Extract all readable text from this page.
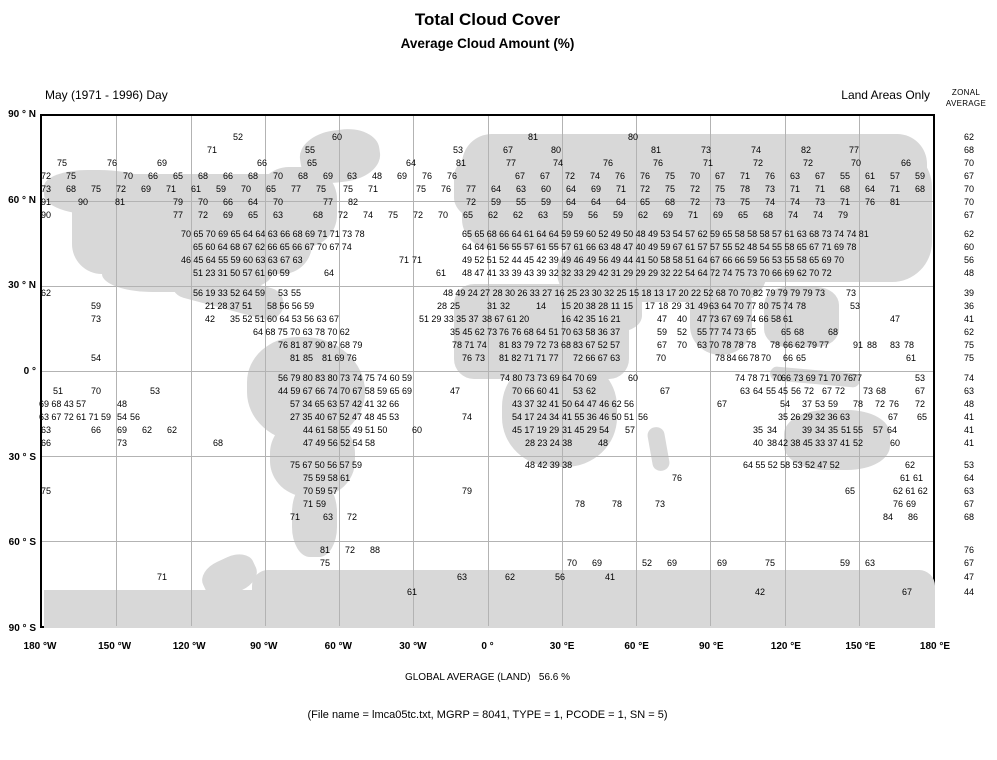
Total Cloud Cover
Average Cloud Amount (%)
May (1971 - 1996) Day	Land Areas Only	ZONAL
AVERAGE
52	60	81	80
71	55	53	67	80	81	73	74	82	77
75	76	69	66	65	64	81	77	74	76	76	71	72	72	70	66
72 75	70 66 65 68 66 68 70 68 69 63 48 69 76 76	67 67 72 74 76 76 75 70 67 71 76 63 67 55 61 57 59
73 68 75 72 69 71 61 59 70 65 77 75 75 71	75 76 77 64 63 60 64 69 71 72 75 72 75 78 73 71 71 68 64 71 68
91	90	81	79 70 66 64 70	77 82	72 59 55 59 64 64 64 65 68 72 73 75 74 74 73 71 76 81
90	77 72 69 65 63	68 72 74 75 72 70 65 62 62 63 59 56 59 62 69 71 69 65 68 74 74 79
70 65 70 69 65 64 64 63 66 68 69 71 71 73 78	65 65 68 66 64 61 64 64 59 59 60 52 49 50 48 49 53 54 57 62 59 65 58 58 58 57 61 63 68 73 74 74 81
65 60 64 68 67 62 66 65 66 67 70 67 74	64 64 61 56 55 57 61 55 57 61 66 63 48 47 40 49 59 67 61 57 57 55 52 48 54 55 58 65 67 71 69 78
46 45 64 55 59 60 63 63 67 63	71 71	49 52 51 52 44 45 42 39 49 46 49 56 49 44 41 50 58 58 51 64 67 66 66 59 56 53 55 58 65 69 70
51 23 31 50 57 61 60 59	64	61 48 47 41 33 39 43 39 32 32 33 29 42 31 29 29 29 32 22 54 64 72 74 75 73 70 66 69 62 70 72
62	56 19 33 52 64 59 53 55	48 49 24 27 28 30 26 33 27 16 25 23 30 32 25 15 18 13 17 20 22 52 68 70 70 82 79 79 79 79 73 73
59	21 28 37 51 58 56 56 59	28 25	31 32	14 15 20 38 28 11 15 17 18 29 31 49 63 64 70 77 80 75 74 78	53
73	42 35 52 51 60 64 53 56 63 67	51 29 33 35 37 38 67 61 20	16 42 35 16 21	47 40 47 73 67 69 74 66 58 61	47
64 68 75 70 63 78 70 62	35 45 62 73 76 76 68 64 51 70 63 58 36 37	59 52 55 77 74 73 65	65 68	68
76 81 87 90 87 68 79	78 71 74 81 83 79 72 73 68 83 67 52 57	67 70 63 70 78 78 78 78 66 62 79 77	91 88 83 78
54	81 85 81 69 76	76 73 81 82 71 71 77 72 66 67 63	70	78 84 66 78 70 66 65	61
56 79 80 83 80 73 74 75 74 60 59	74 80 73 73 69 64 70 69	60	74 78 71 70
66 73 69 71 70 76
77	53
51	70	53	44 59 67 66 74 70 67 58 59 65 69	47	70 66 60 41 53 62	67	63 64 55 45 56 72 67 72 73 68	67
69 68 43 57	48	57 34 65 63 57 42 41 32 66	43 37 32 41 50 64 47 46 62 56	67	54 37 53 59 78 72 76 72
63 67 72 61 71 59 54 56	27 35 40 67 52 47 48 45 53	74	54 17 24 34 41 55 36 46 50 51 56	35 26 29 32 36 63	67 65
63	66 69 62 62	44 61 58 55 49 51 50	60	45 17 19 29 31 45 29 54 57	35 34	39 34 35 51 55 57 64
66	73	68	47 49 56 52 54 58	28 23 24 38	48	40 38 42 38 45 33 37 41 52	60
75 67 50 56 57 59	48 42 39 38	64 55 52 58 53 52 47 52	62
75 59 58 61	76	61 61
75	70 59 57	79	65	62 61 62
71 59	78	78	73	76 69
71	63 72	84 86
81 72 88
75	70 69	52 69	69	75	59 63
71	63	62	56	41
61	42	67
90 ° N
60 ° N
30 ° N
0 °
30 ° S
60 ° S
90 ° S
180 °W	150 °W	120 °W	90 °W	60 °W	30 °W	0 °	30 °E	60 °E	90 °E	120 °E	150 °E	180 °E
62
68
70
67
70
70
67
62
60
56
48
39
36
41
62
75
75
74
63
48
41
41
41
53
64
63
67
68
76
67
47
44
GLOBAL AVERAGE (LAND) 56.6 %
(File name = lmca05tc.txt, MGRP = 8041, TYPE = 1, PCODE = 1, SN = 5)
